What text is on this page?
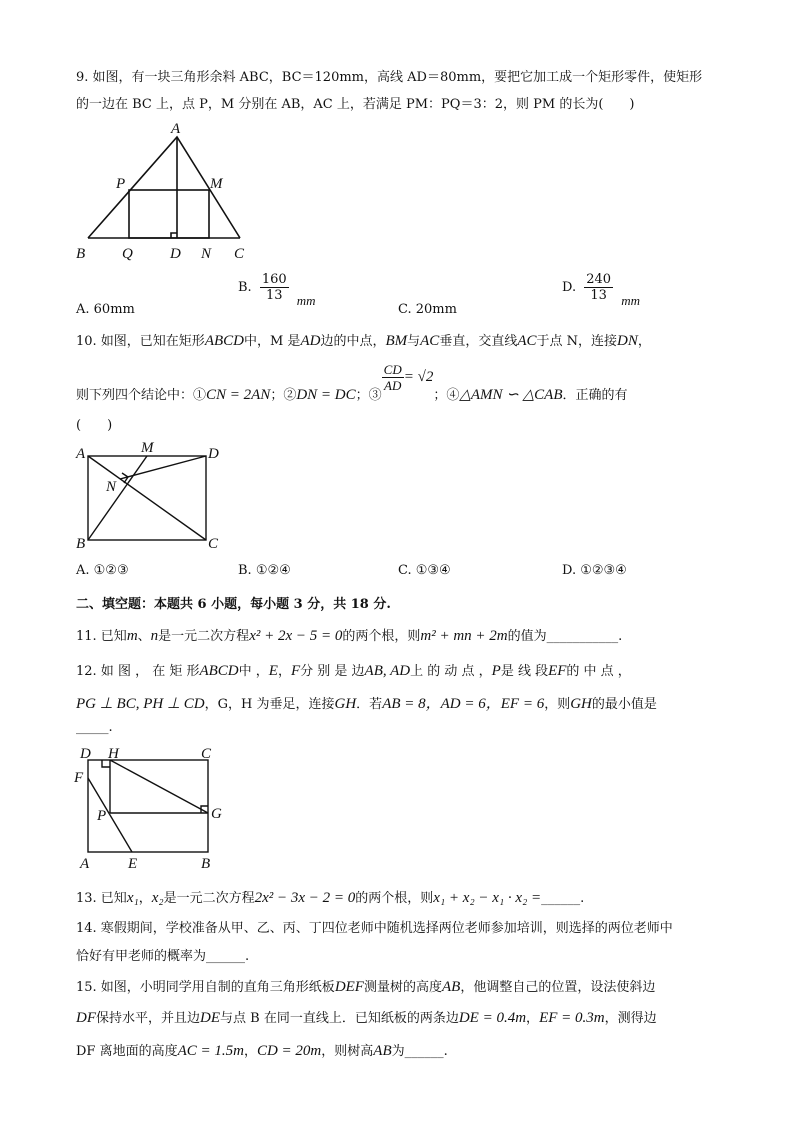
9. 如图，有一块三角形余料 ABC，BC＝120mm，高线 AD＝80mm，要把它加工成一个矩形零件，使矩形
的一边在 BC 上，点 P，M 分别在 AB，AC 上，若满足 PM：PQ＝3：2，则 PM 的长为(　　)
A
P	M
B Q D N C
A. 60mm
B. $\frac{160}{13}$ mm
C. 20mm
D. $\frac{240}{13}$ mm
10. 如图，已知在矩形ABCD中，M 是AD边的中点，BM与AC垂直，交直线AC于点 N，连接DN，
则下列四个结论中：①CN = 2AN；②DN = DC；③
$\frac{CD}{AD} = √2$；④△AMN ∽ △CAB．正确的有
(　　)
A	M	D
N
B	C
A. ①②③	B. ①②④	C. ①③④	D. ①②③④
二、填空题：本题共 6 小题，每小题 3 分，共 18 分.
11. 已知m、n是一元二次方程x² + 2x − 5 = 0的两个根，则m² + mn + 2m的值为___________.
12. 如 图 ， 在 矩 形ABCD中 ，E，F分 别 是 边AB, AD上 的 动 点 ，P是 线 段EF的 中 点 ，
PG ⊥ BC, PH ⊥ CD，G，H 为垂足，连接GH．若AB = 8，AD = 6，EF = 6，则GH的最小值是
_____.
D H	C
F
G
P
A	E	B
13. 已知x₁，x₂是一元二次方程2x² − 3x − 2 = 0的两个根，则x₁ + x₂ − x₁ · x₂ =______.
14. 寒假期间，学校准备从甲、乙、丙、丁四位老师中随机选择两位老师参加培训，则选择的两位老师中
恰好有甲老师的概率为______.
15. 如图，小明同学用自制的直角三角形纸板DEF测量树的高度AB，他调整自己的位置，设法使斜边
DF保持水平，并且边DE与点 B 在同一直线上．已知纸板的两条边DE = 0.4m，EF = 0.3m，测得边
DF 离地面的高度AC = 1.5m，CD = 20m，则树高AB为______.
